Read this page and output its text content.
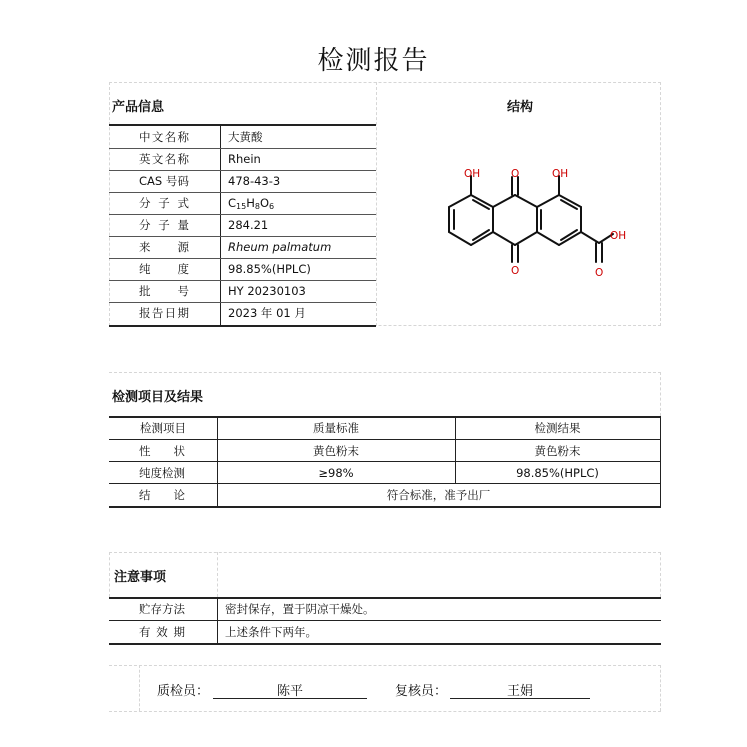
检测报告
产品信息	结构
中文名称	大黄酸
英文名称	Rhein
CAS 号码	478-43-3
分 子 式	$C_{15}H_8O_6$
分 子 量	284.21
来 源	Rheum palmatum
纯 度	98.85%(HPLC)
批 号	HY 20230103
报告日期	2023 年 01 月
OH	O	OH
O
OH
O
检测项目及结果
检测项目	质量标准	检测结果
性 状	黄色粉末	黄色粉末
纯度检测	≥98%	98.85%(HPLC)
结 论	符合标准，准予出厂
注意事项
贮存方法	密封保存，置于阴凉干燥处。
有 效 期	上述条件下两年。
质检员：	陈平	复核员：	王娟
